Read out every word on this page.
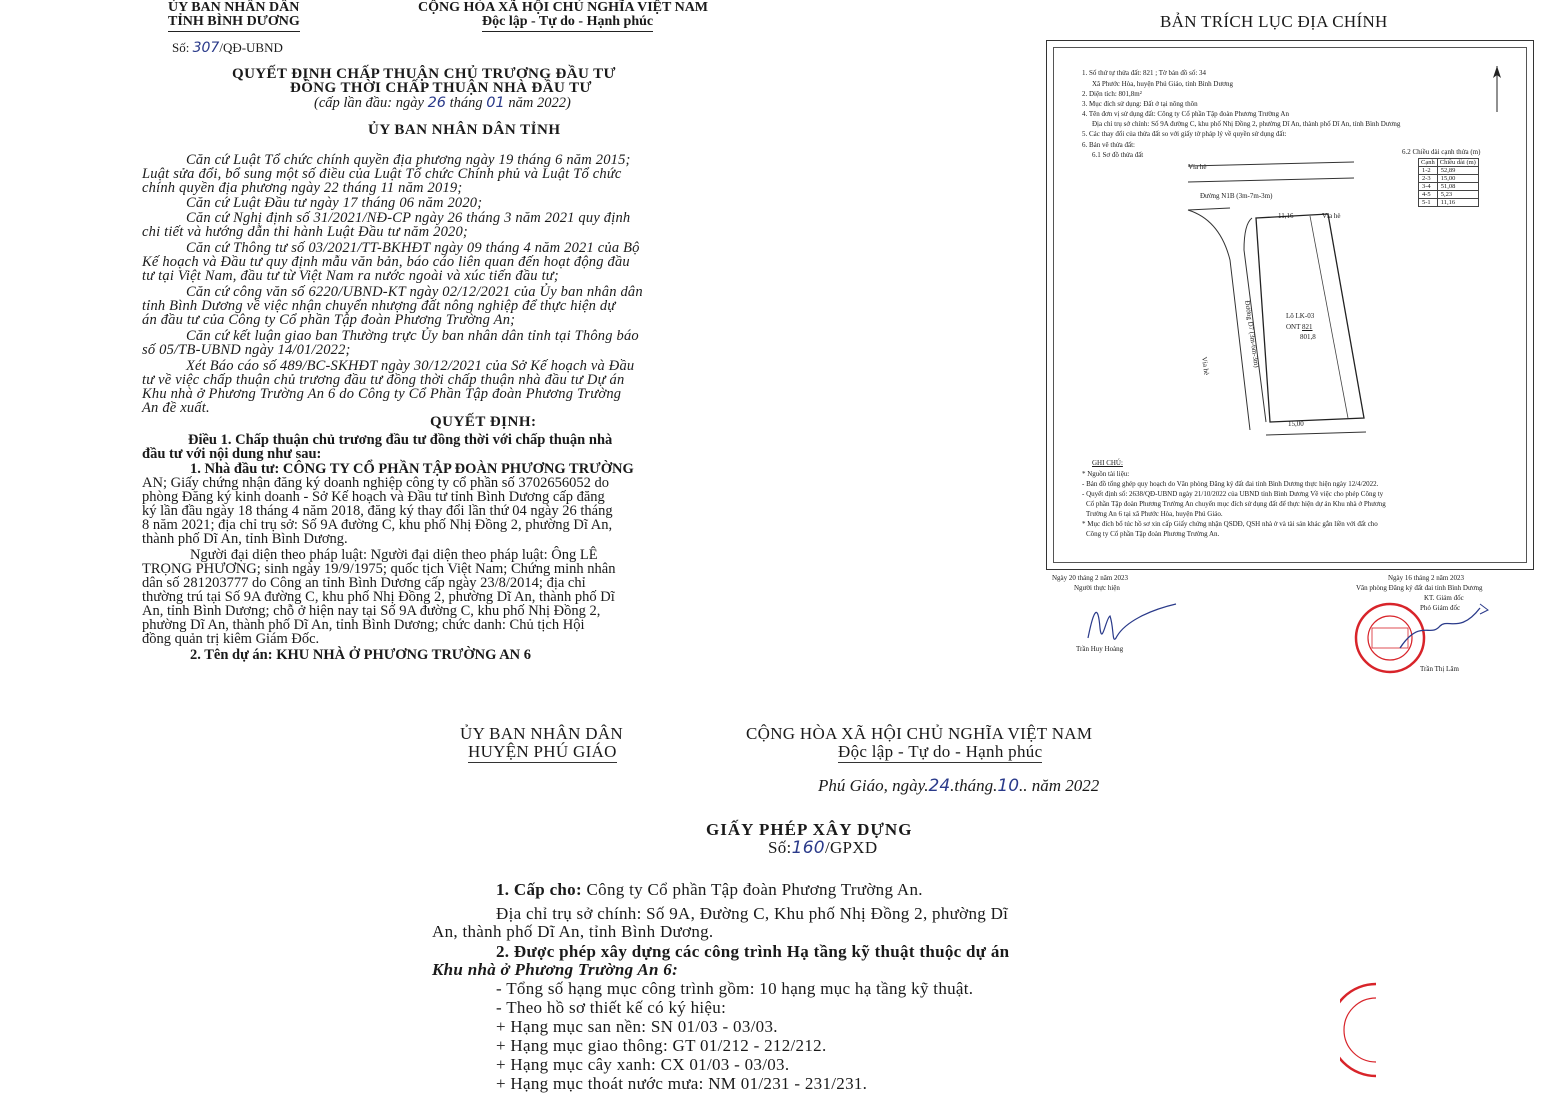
ỦY BAN NHÂN DÂN
TỈNH BÌNH DƯƠNG
CỘNG HÒA XÃ HỘI CHỦ NGHĨA VIỆT NAM
Độc lập - Tự do - Hạnh phúc
Số: 307/QĐ-UBND
QUYẾT ĐỊNH CHẤP THUẬN CHỦ TRƯƠNG ĐẦU TƯ
ĐỒNG THỜI CHẤP THUẬN NHÀ ĐẦU TƯ
(cấp lần đầu: ngày 26 tháng 01 năm 2022)
ỦY BAN NHÂN DÂN TỈNH
Căn cứ Luật Tổ chức chính quyền địa phương ngày 19 tháng 6 năm 2015;
Luật sửa đổi, bổ sung một số điều của Luật Tổ chức Chính phủ và Luật Tổ chức
chính quyền địa phương ngày 22 tháng 11 năm 2019;
Căn cứ Luật Đầu tư ngày 17 tháng 06 năm 2020;
Căn cứ Nghị định số 31/2021/NĐ-CP ngày 26 tháng 3 năm 2021 quy định
chi tiết và hướng dẫn thi hành Luật Đầu tư năm 2020;
Căn cứ Thông tư số 03/2021/TT-BKHĐT ngày 09 tháng 4 năm 2021 của Bộ
Kế hoạch và Đầu tư quy định mẫu văn bản, báo cáo liên quan đến hoạt động đầu
tư tại Việt Nam, đầu tư từ Việt Nam ra nước ngoài và xúc tiến đầu tư;
Căn cứ công văn số 6220/UBND-KT ngày 02/12/2021 của Ủy ban nhân dân
tỉnh Bình Dương về việc nhận chuyển nhượng đất nông nghiệp để thực hiện dự
án đầu tư của Công ty Cổ phần Tập đoàn Phương Trường An;
Căn cứ kết luận giao ban Thường trực Ủy ban nhân dân tỉnh tại Thông báo
số 05/TB-UBND ngày 14/01/2022;
Xét Báo cáo số 489/BC-SKHĐT ngày 30/12/2021 của Sở Kế hoạch và Đầu
tư về việc chấp thuận chủ trương đầu tư đồng thời chấp thuận nhà đầu tư Dự án
Khu nhà ở Phương Trường An 6 do Công ty Cổ Phần Tập đoàn Phương Trường
An đề xuất.
QUYẾT ĐỊNH:
Điều 1. Chấp thuận chủ trương đầu tư đồng thời với chấp thuận nhà
đầu tư với nội dung như sau:
1. Nhà đầu tư: CÔNG TY CỔ PHẦN TẬP ĐOÀN PHƯƠNG TRƯỜNG
AN; Giấy chứng nhận đăng ký doanh nghiệp công ty cổ phần số 3702656052 do
phòng Đăng ký kinh doanh - Sở Kế hoạch và Đầu tư tỉnh Bình Dương cấp đăng
ký lần đầu ngày 18 tháng 4 năm 2018, đăng ký thay đổi lần thứ 04 ngày 26 tháng
8 năm 2021; địa chỉ trụ sở: Số 9A đường C, khu phố Nhị Đồng 2, phường Dĩ An,
thành phố Dĩ An, tỉnh Bình Dương.
Người đại diện theo pháp luật: Người đại diện theo pháp luật: Ông LÊ
TRỌNG PHƯƠNG; sinh ngày 19/9/1975; quốc tịch Việt Nam; Chứng minh nhân
dân số 281203777 do Công an tỉnh Bình Dương cấp ngày 23/8/2014; địa chỉ
thường trú tại Số 9A đường C, khu phố Nhị Đồng 2, phường Dĩ An, thành phố Dĩ
An, tỉnh Bình Dương; chỗ ở hiện nay tại Số 9A đường C, khu phố Nhị Đồng 2,
phường Dĩ An, thành phố Dĩ An, tỉnh Bình Dương; chức danh: Chủ tịch Hội
đồng quản trị kiêm Giám Đốc.
2. Tên dự án: KHU NHÀ Ở PHƯƠNG TRƯỜNG AN 6
BẢN TRÍCH LỤC ĐỊA CHÍNH
1. Số thứ tự thửa đất: 821 ; Tờ bản đồ số: 34
Xã Phước Hòa, huyện Phú Giáo, tỉnh Bình Dương
2. Diện tích: 801,8m²
3. Mục đích sử dụng: Đất ở tại nông thôn
4. Tên đơn vị sử dụng đất: Công ty Cổ phần Tập đoàn Phương Trường An
Địa chỉ trụ sở chính: Số 9A đường C, khu phố Nhị Đồng 2, phường Dĩ An, thành phố Dĩ An, tỉnh Bình Dương
5. Các thay đổi của thửa đất so với giấy tờ pháp lý về quyền sử dụng đất:
6. Bản vẽ thửa đất:
6.1 Sơ đồ thửa đất	6.2 Chiều dài cạnh thửa (m)
Cạnh	Chiều dài (m)
1-2	52,89
2-3	15,00
3-4	51,08
4-5	5,23
5-1	11,16
Vỉa hè
Đường N1B (3m-7m-3m)
11,16	Vỉa hè
Đường D7 (3m-6m-3m)
Vỉa hè
Lô LK-03
ONT 821
801,8
15,00
GHI CHÚ:
* Nguồn tài liệu:
- Bản đồ tổng ghép quy hoạch do Văn phòng Đăng ký đất đai tỉnh Bình Dương thực hiện ngày 12/4/2022.
- Quyết định số: 2638/QĐ-UBND ngày 21/10/2022 của UBND tỉnh Bình Dương Về việc cho phép Công ty
Cổ phần Tập đoàn Phương Trường An chuyển mục đích sử dụng đất để thực hiện dự án Khu nhà ở Phương
Trường An 6 tại xã Phước Hòa, huyện Phú Giáo.
* Mục đích bổ túc hồ sơ xin cấp Giấy chứng nhận QSDĐ, QSH nhà ở và tài sản khác gắn liền với đất cho
Công ty Cổ phần Tập đoàn Phương Trường An.
Ngày 20 tháng 2 năm 2023
Người thực hiện
Trần Huy Hoàng
Ngày 16 tháng 2 năm 2023
Văn phòng Đăng ký đất đai tỉnh Bình Dương
KT. Giám đốc
Phó Giám đốc
Trần Thị Lâm
ỦY BAN NHÂN DÂN
HUYỆN PHÚ GIÁO
CỘNG HÒA XÃ HỘI CHỦ NGHĨA VIỆT NAM
Độc lập - Tự do - Hạnh phúc
Phú Giáo, ngày.24.tháng.10.. năm 2022
GIẤY PHÉP XÂY DỰNG
Số:160/GPXD
1. Cấp cho: Công ty Cổ phần Tập đoàn Phương Trường An.
Địa chỉ trụ sở chính: Số 9A, Đường C, Khu phố Nhị Đồng 2, phường Dĩ
An, thành phố Dĩ An, tỉnh Bình Dương.
2. Được phép xây dựng các công trình Hạ tầng kỹ thuật thuộc dự án
Khu nhà ở Phương Trường An 6:
- Tổng số hạng mục công trình gồm: 10 hạng mục hạ tầng kỹ thuật.
- Theo hồ sơ thiết kế có ký hiệu:
+ Hạng mục san nền: SN 01/03 - 03/03.
+ Hạng mục giao thông: GT 01/212 - 212/212.
+ Hạng mục cây xanh: CX 01/03 - 03/03.
+ Hạng mục thoát nước mưa: NM 01/231 - 231/231.
